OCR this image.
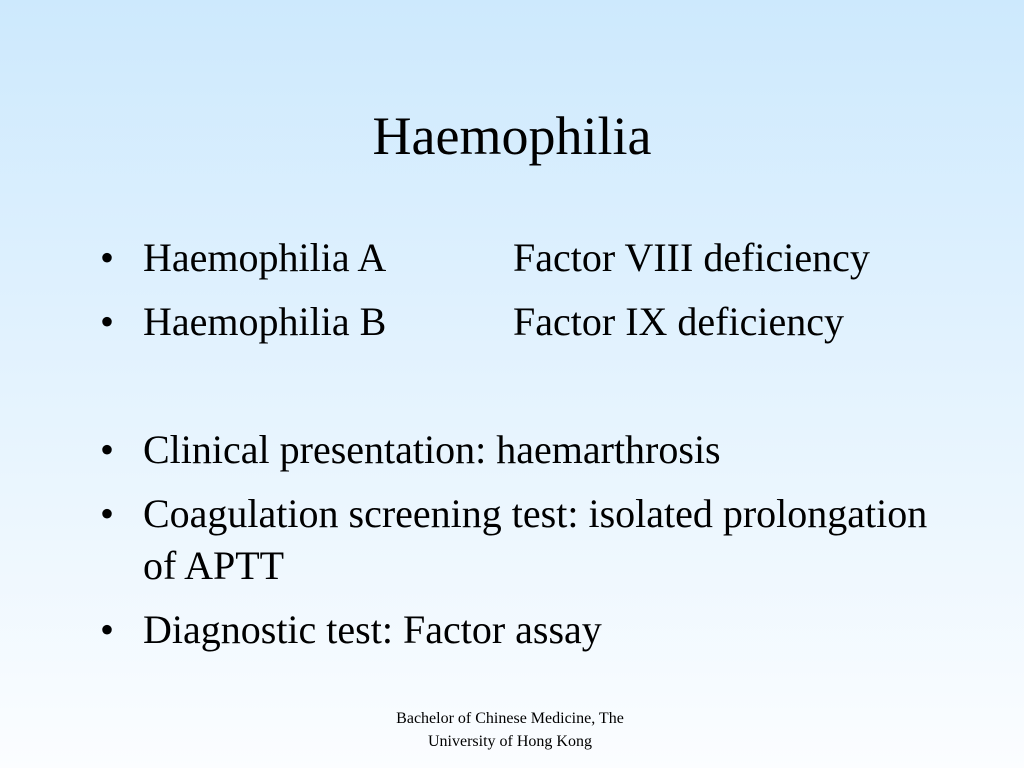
Haemophilia
• Haemophilia A	Factor VIII deficiency
• Haemophilia B	Factor IX deficiency
• Clinical presentation: haemarthrosis
• Coagulation screening test: isolated prolongation of APTT
• Diagnostic test: Factor assay
Bachelor of Chinese Medicine, The
University of Hong Kong
